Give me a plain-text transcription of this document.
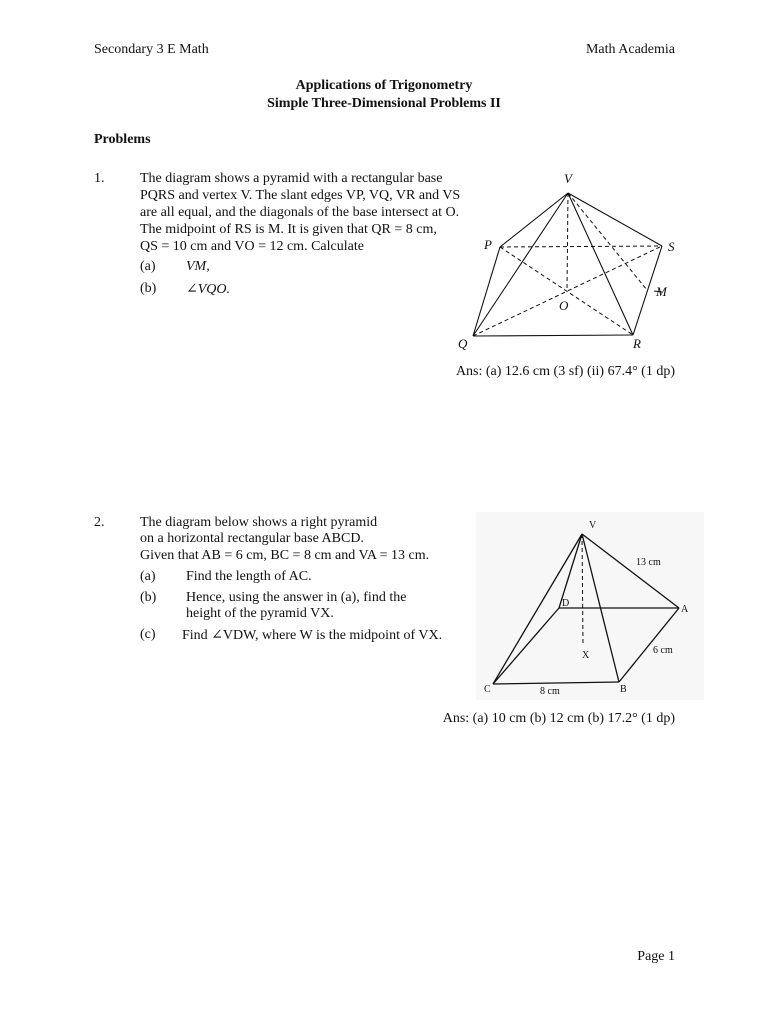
Secondary 3 E Math	Math Academia
Applications of Trigonometry
Simple Three-Dimensional Problems II
Problems
1.	The diagram shows a pyramid with a rectangular base
PQRS and vertex V. The slant edges VP, VQ, VR and VS
are all equal, and the diagonals of the base intersect at O.
The midpoint of RS is M. It is given that QR = 8 cm,
QS = 10 cm and VO = 12 cm. Calculate
(a) VM,
(b) ∠VQO.
V
P	S
Q	R
O
M
Ans: (a) 12.6 cm (3 sf) (ii) 67.4° (1 dp)
2.	The diagram below shows a right pyramid
on a horizontal rectangular base ABCD.
Given that AB = 6 cm, BC = 8 cm and VA = 13 cm.
(a) Find the length of AC.
(b) Hence, using the answer in (a), find the
height of the pyramid VX.
(c) Find ∠VDW, where W is the midpoint of VX.
V
D
A
X
C	B
13 cm
6 cm
8 cm
Ans: (a) 10 cm (b) 12 cm (b) 17.2° (1 dp)
Page 1
